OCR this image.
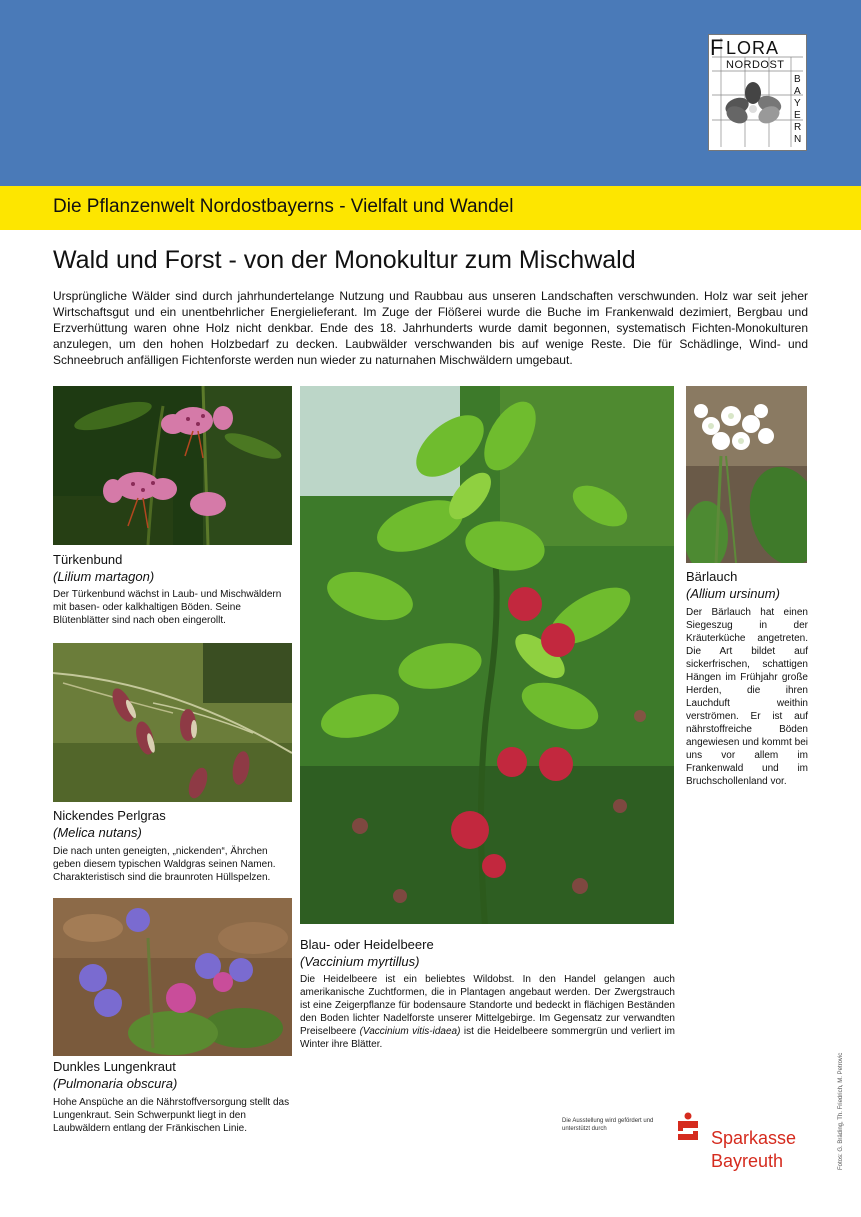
F LORA
NORDOST
B
A
Y
E
R
N
Die Pflanzenwelt Nordostbayerns - Vielfalt und Wandel
Wald und Forst - von der Monokultur zum Mischwald

Ursprüngliche Wälder sind durch jahrhundertelange Nutzung und Raubbau aus unseren Landschaften verschwunden. Holz war seit jeher Wirtschaftsgut und ein unentbehrlicher Energielieferant. Im Zuge der Flößerei wurde die Buche im Frankenwald dezimiert, Bergbau und Erzverhüttung waren ohne Holz nicht denkbar. Ende des 18. Jahrhunderts wurde damit begonnen, systematisch Fichten-Monokulturen anzulegen, um den hohen Holzbedarf zu decken. Laubwälder verschwanden bis auf wenige Reste. Die für Schädlinge, Wind- und Schneebruch anfälligen Fichtenforste werden nun wieder zu naturnahen Mischwäldern umgebaut.

Türkenbund
(Lilium martagon)

Der Türkenbund wächst in Laub- und Mischwäldern mit basen- oder kalkhaltigen Böden. Seine Blütenblätter sind nach oben eingerollt.

Nickendes Perlgras
(Melica nutans)

Die nach unten geneigten, „nickenden“, Ährchen geben diesem typischen Waldgras seinen Namen. Charakteristisch sind die braunroten Hüllspelzen.

Dunkles Lungenkraut
(Pulmonaria obscura)

Hohe Anspüche an die Nährstoffversorgung stellt das Lungenkraut. Sein Schwerpunkt liegt in den Laubwäldern entlang der Fränkischen Linie.

Blau- oder Heidelbeere
(Vaccinium myrtillus)

Die Heidelbeere ist ein beliebtes Wildobst. In den Handel gelangen auch amerikanische Zuchtformen, die in Plantagen angebaut werden. Der Zwergstrauch ist eine Zeigerpflanze für bodensaure Standorte und bedeckt in flächigen Beständen den Boden lichter Nadelforste unserer Mittelgebirge. Im Gegensatz zur verwandten Preiselbeere (Vaccinium vitis-idaea) ist die Heidelbeere sommergrün und verliert im Winter ihre Blätter.

Bärlauch
(Allium ursinum)

Der Bärlauch hat einen Siegeszug in der Kräuterküche angetreten. Die Art bildet auf sickerfrischen, schattigen Hängen im Frühjahr große Herden, die ihren Lauchduft weithin verströmen. Er ist auf nährstoffreiche Böden angewiesen und kommt bei uns vor allem im Frankenwald und im Bruchschollenland vor.

Die Ausstellung wird gefördert und unterstützt durch	Sparkasse
Bayreuth	Fotos: G. Bräding, Th. Friedrich, M. Petrovic
